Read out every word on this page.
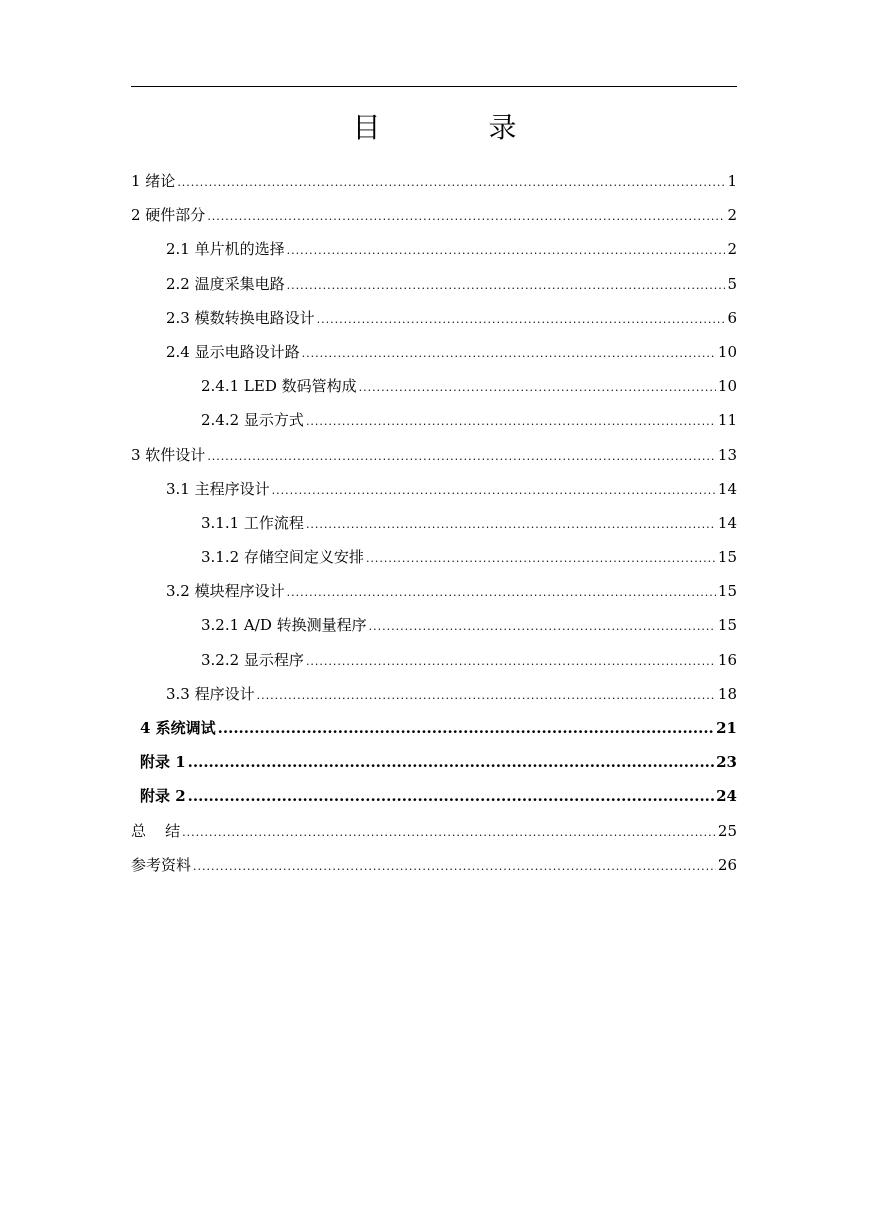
目　录
1 绪论 .....	1
2 硬件部分 .....	2
2.1 单片机的选择 .....	2
2.2 温度采集电路 .....	5
2.3 模数转换电路设计 .....	6
2.4 显示电路设计路 .....	10
2.4.1 LED 数码管构成 .....	10
2.4.2 显示方式 .....	11
3 软件设计 .....	13
3.1 主程序设计 .....	14
3.1.1 工作流程 .....	14
3.1.2 存储空间定义安排 .....	15
3.2 模块程序设计 .....	15
3.2.1 A/D 转换测量程序 .....	15
3.2.2 显示程序 .....	16
3.3 程序设计 .....	18
4 系统调试 .....	21
附录 1 .....	23
附录 2 .....	24
总    结 .....	25
参考资料 .....	26
